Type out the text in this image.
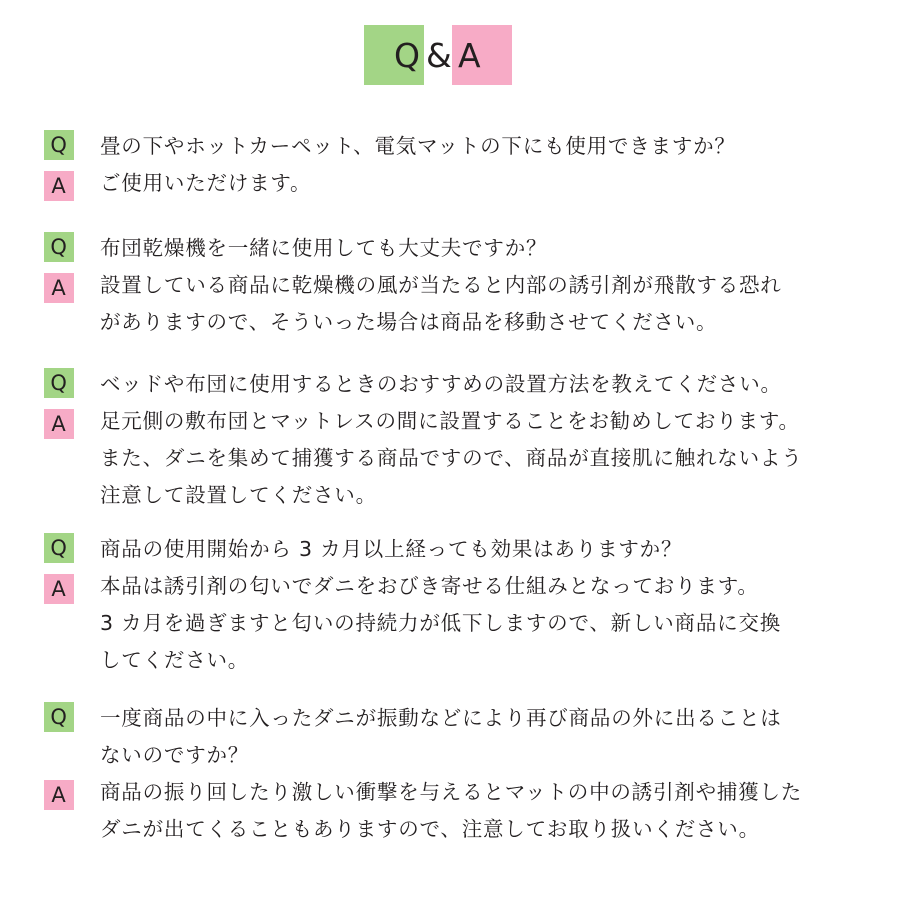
Q & A
Q	畳の下やホットカーペット、電気マットの下にも使用できますか？
A	ご使用いただけます。
Q	布団乾燥機を一緒に使用しても大丈夫ですか？
A	設置している商品に乾燥機の風が当たると内部の誘引剤が飛散する恐れ
がありますので、そういった場合は商品を移動させてください。
Q	ベッドや布団に使用するときのおすすめの設置方法を教えてください。
A	足元側の敷布団とマットレスの間に設置することをお勧めしております。
また、ダニを集めて捕獲する商品ですので、商品が直接肌に触れないよう
注意して設置してください。
Q	商品の使用開始から 3 カ月以上経っても効果はありますか？
A	本品は誘引剤の匂いでダニをおびき寄せる仕組みとなっております。
3 カ月を過ぎますと匂いの持続力が低下しますので、新しい商品に交換
してください。
Q	一度商品の中に入ったダニが振動などにより再び商品の外に出ることは
ないのですか？
A	商品の振り回したり激しい衝撃を与えるとマットの中の誘引剤や捕獲した
ダニが出てくることもありますので、注意してお取り扱いください。
